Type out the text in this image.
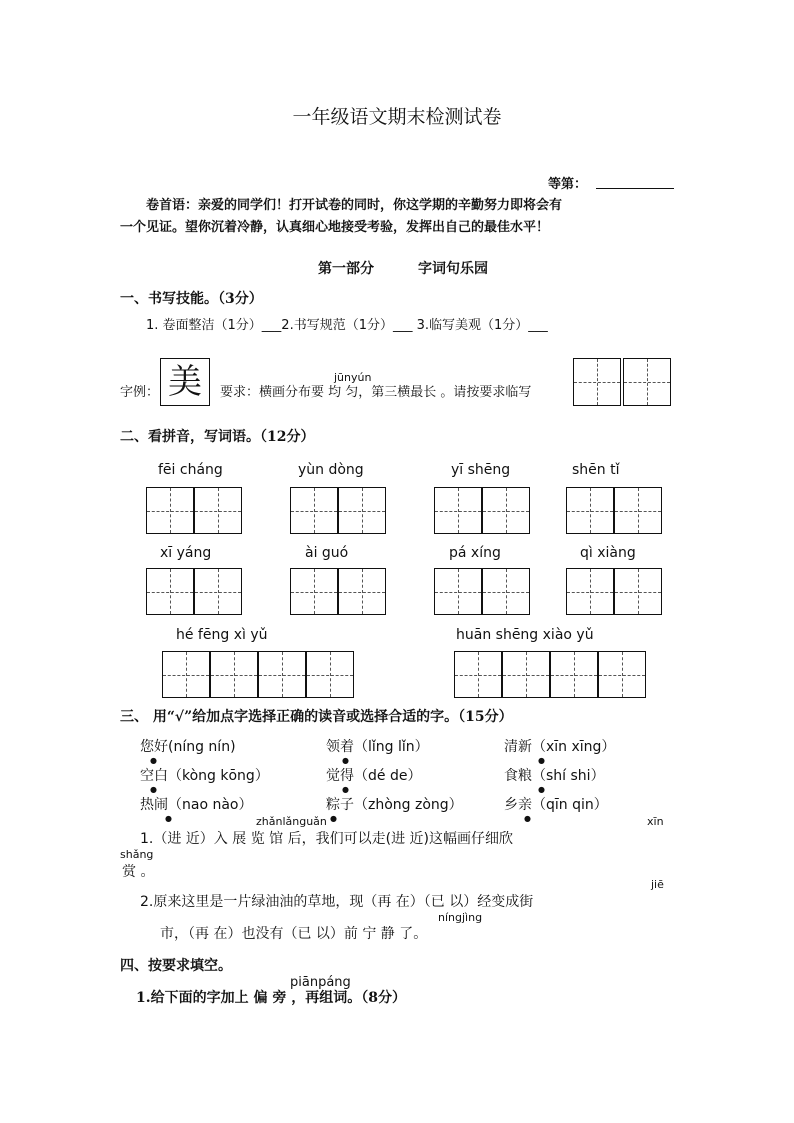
一年级语文期末检测试卷
等第：
卷首语：亲爱的同学们！打开试卷的同时，你这学期的辛勤努力即将会有
一个见证。望你沉着冷静，认真细心地接受考验，发挥出自己的最佳水平！
第一部分	字词句乐园
一、书写技能。（3分）
1. 卷面整洁（1分）___2.书写规范（1分）___ 3.临写美观（1分）___
字例： 美	jūnyún
要求：横画分布要 均 匀，第三横最长 。请按要求临写
二、看拼音，写词语。（12分）
fēi cháng	yùn dòng	yī shēng	shēn tǐ
xī yáng	ài guó	pá xíng	qì xiàng
hé fēng xì yǔ	huān shēng xiào yǔ
三、 用“√”给加点字选择正确的读音或选择合适的字。（15分）
您好(níng nín)	领着（lǐng lǐn）	清新（xīn xīng）
●	●	●
空白（kòng kōng）	觉得（dé de）	食粮（shí shi）
●	●	●
热闹（nao nào）	粽子（zhòng zòng）	乡亲（qīn qin）
●	●	●
zhǎnlǎnguǎn	xīn
1.（进 近）入 展 览 馆 后，我们可以走(进 近)这幅画仔细欣
shǎng
赏 。
jiē
2.原来这里是一片绿油油的草地，现（再 在）（已 以）经变成街
níngjìng
市，（再 在）也没有（已 以）前 宁 静 了。
四、按要求填空。
piānpáng
1.给下面的字加上 偏 旁 ，再组词。（8分）
